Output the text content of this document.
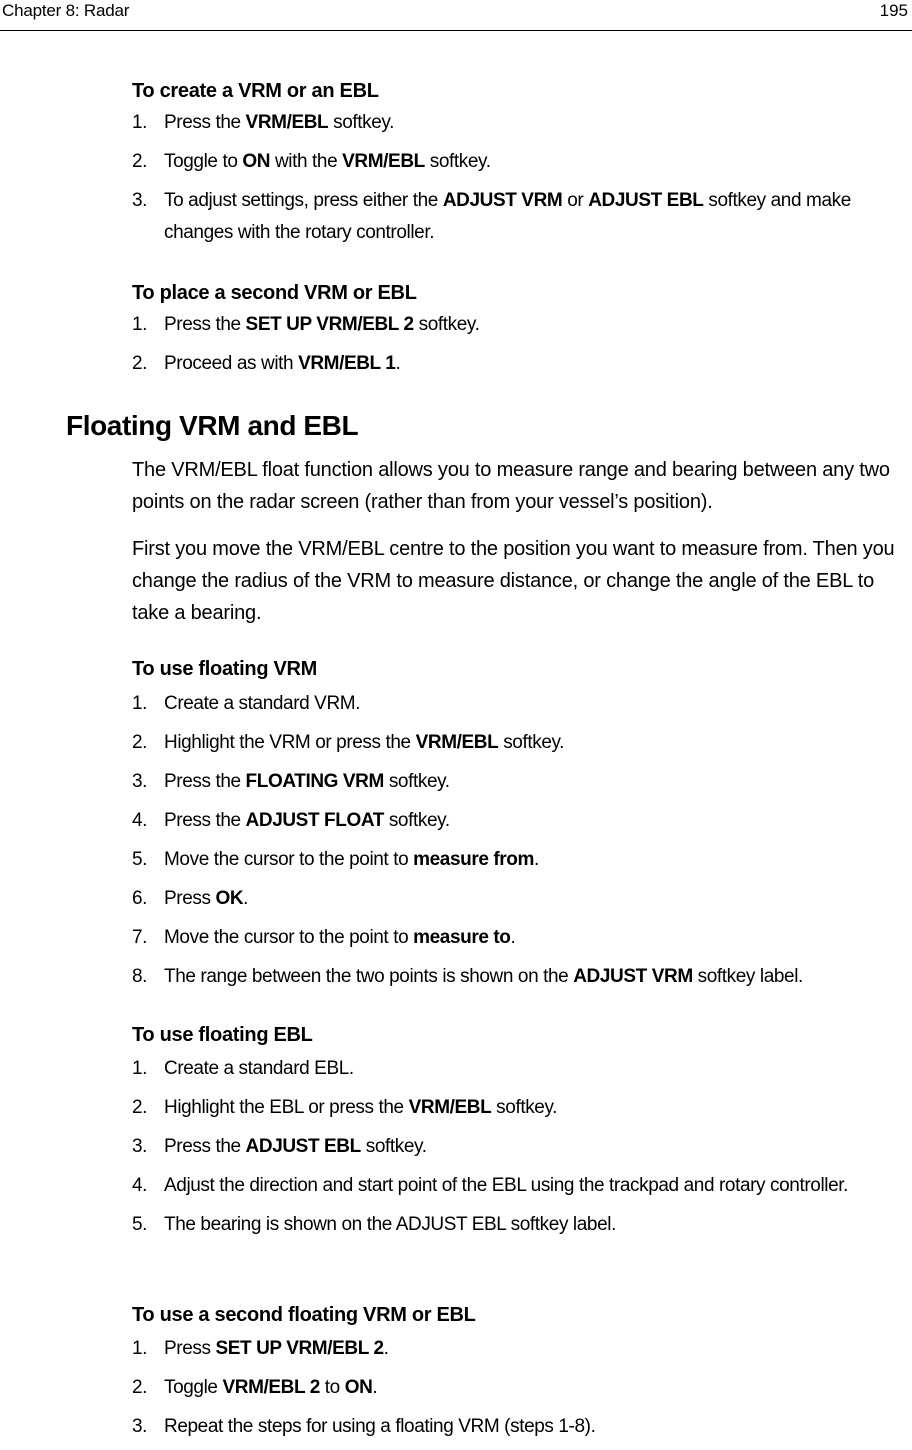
Chapter 8: Radar	195
To create a VRM or an EBL
1. Press the VRM/EBL softkey.
2. Toggle to ON with the VRM/EBL softkey.
3. To adjust settings, press either the ADJUST VRM or ADJUST EBL softkey and make changes with the rotary controller.
To place a second VRM or EBL
1. Press the SET UP VRM/EBL 2 softkey.
2. Proceed as with VRM/EBL 1.
Floating VRM and EBL

The VRM/EBL float function allows you to measure range and bearing between any two points on the radar screen (rather than from your vessel’s position).

First you move the VRM/EBL centre to the position you want to measure from. Then you change the radius of the VRM to measure distance, or change the angle of the EBL to take a bearing.

To use floating VRM
1. Create a standard VRM.
2. Highlight the VRM or press the VRM/EBL softkey.
3. Press the FLOATING VRM softkey.
4. Press the ADJUST FLOAT softkey.
5. Move the cursor to the point to measure from.
6. Press OK.
7. Move the cursor to the point to measure to.
8. The range between the two points is shown on the ADJUST VRM softkey label.
To use floating EBL
1. Create a standard EBL.
2. Highlight the EBL or press the VRM/EBL softkey.
3. Press the ADJUST EBL softkey.
4. Adjust the direction and start point of the EBL using the trackpad and rotary controller.
5. The bearing is shown on the ADJUST EBL softkey label.
To use a second floating VRM or EBL
1. Press SET UP VRM/EBL 2.
2. Toggle VRM/EBL 2 to ON.
3. Repeat the steps for using a floating VRM (steps 1-8).
